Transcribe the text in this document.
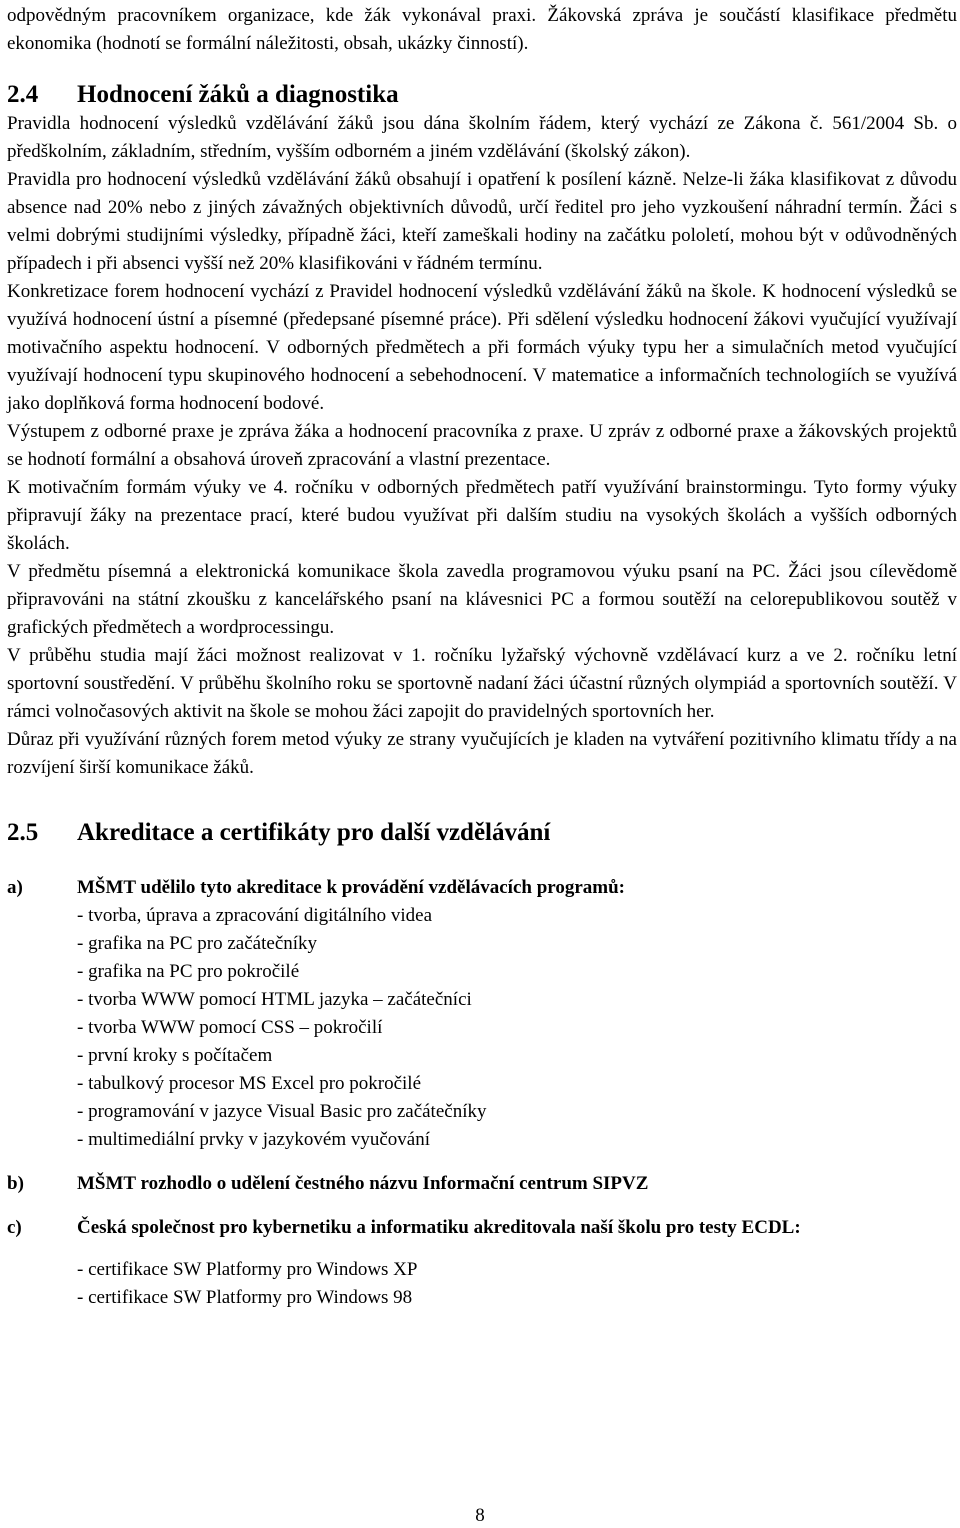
odpovědným pracovníkem organizace, kde žák vykonával praxi. Žákovská zpráva je součástí klasifikace předmětu ekonomika (hodnotí se formální náležitosti, obsah, ukázky činností).

2.4	Hodnocení žáků a diagnostika

Pravidla hodnocení výsledků vzdělávání žáků jsou dána školním řádem, který vychází ze Zákona č. 561/2004 Sb. o předškolním, základním, středním, vyšším odborném a jiném vzdělávání (školský zákon).

Pravidla pro hodnocení výsledků vzdělávání žáků obsahují i opatření k posílení kázně. Nelze-li žáka klasifikovat z důvodu absence nad 20% nebo z jiných závažných objektivních důvodů, určí ředitel pro jeho vyzkoušení náhradní termín. Žáci s velmi dobrými studijními výsledky, případně žáci, kteří zameškali hodiny na začátku pololetí, mohou být v odůvodněných případech i při absenci vyšší než 20% klasifikováni v řádném termínu.

Konkretizace forem hodnocení vychází z Pravidel hodnocení výsledků vzdělávání žáků na škole. K hodnocení výsledků se využívá hodnocení ústní a písemné (předepsané písemné práce). Při sdělení výsledku hodnocení žákovi vyučující využívají motivačního aspektu hodnocení. V odborných předmětech a při formách výuky typu her a simulačních metod vyučující využívají hodnocení typu skupinového hodnocení a sebehodnocení. V matematice a informačních technologiích se využívá jako doplňková forma hodnocení bodové.

Výstupem z odborné praxe je zpráva žáka a hodnocení pracovníka z praxe. U zpráv z odborné praxe a žákovských projektů se hodnotí formální a obsahová úroveň zpracování a vlastní prezentace.

K motivačním formám výuky ve 4. ročníku v odborných předmětech patří využívání brainstormingu. Tyto formy výuky připravují žáky na prezentace prací, které budou využívat při dalším studiu na vysokých školách a vyšších odborných školách.

V předmětu písemná a elektronická komunikace škola zavedla programovou výuku psaní na PC. Žáci jsou cílevědomě připravováni na státní zkoušku z kancelářského psaní na klávesnici PC a formou soutěží na celorepublikovou soutěž v grafických předmětech a wordprocessingu.

V průběhu studia mají žáci možnost realizovat v 1. ročníku lyžařský výchovně vzdělávací kurz a ve 2. ročníku letní sportovní soustředění. V průběhu školního roku se sportovně nadaní žáci účastní různých olympiád a sportovních soutěží. V rámci volnočasových aktivit na škole se mohou žáci zapojit do pravidelných sportovních her.

Důraz při využívání různých forem metod výuky ze strany vyučujících je kladen na vytváření pozitivního klimatu třídy a na rozvíjení širší komunikace žáků.

2.5	Akreditace a certifikáty pro další vzdělávání
a)	MŠMT udělilo tyto akreditace k provádění vzdělávacích programů:
- tvorba, úprava a zpracování digitálního videa
- grafika na PC pro začátečníky
- grafika na PC pro pokročilé
- tvorba WWW pomocí HTML jazyka – začátečníci
- tvorba WWW pomocí CSS – pokročilí
- první kroky s počítačem
- tabulkový procesor MS Excel pro pokročilé
- programování v jazyce Visual Basic pro začátečníky
- multimediální prvky v jazykovém vyučování
b)	MŠMT rozhodlo o udělení čestného názvu Informační centrum SIPVZ
c)	Česká společnost pro kybernetiku a informatiku akreditovala naší školu pro testy ECDL:
- certifikace SW Platformy pro Windows XP
- certifikace SW Platformy pro Windows 98
8
